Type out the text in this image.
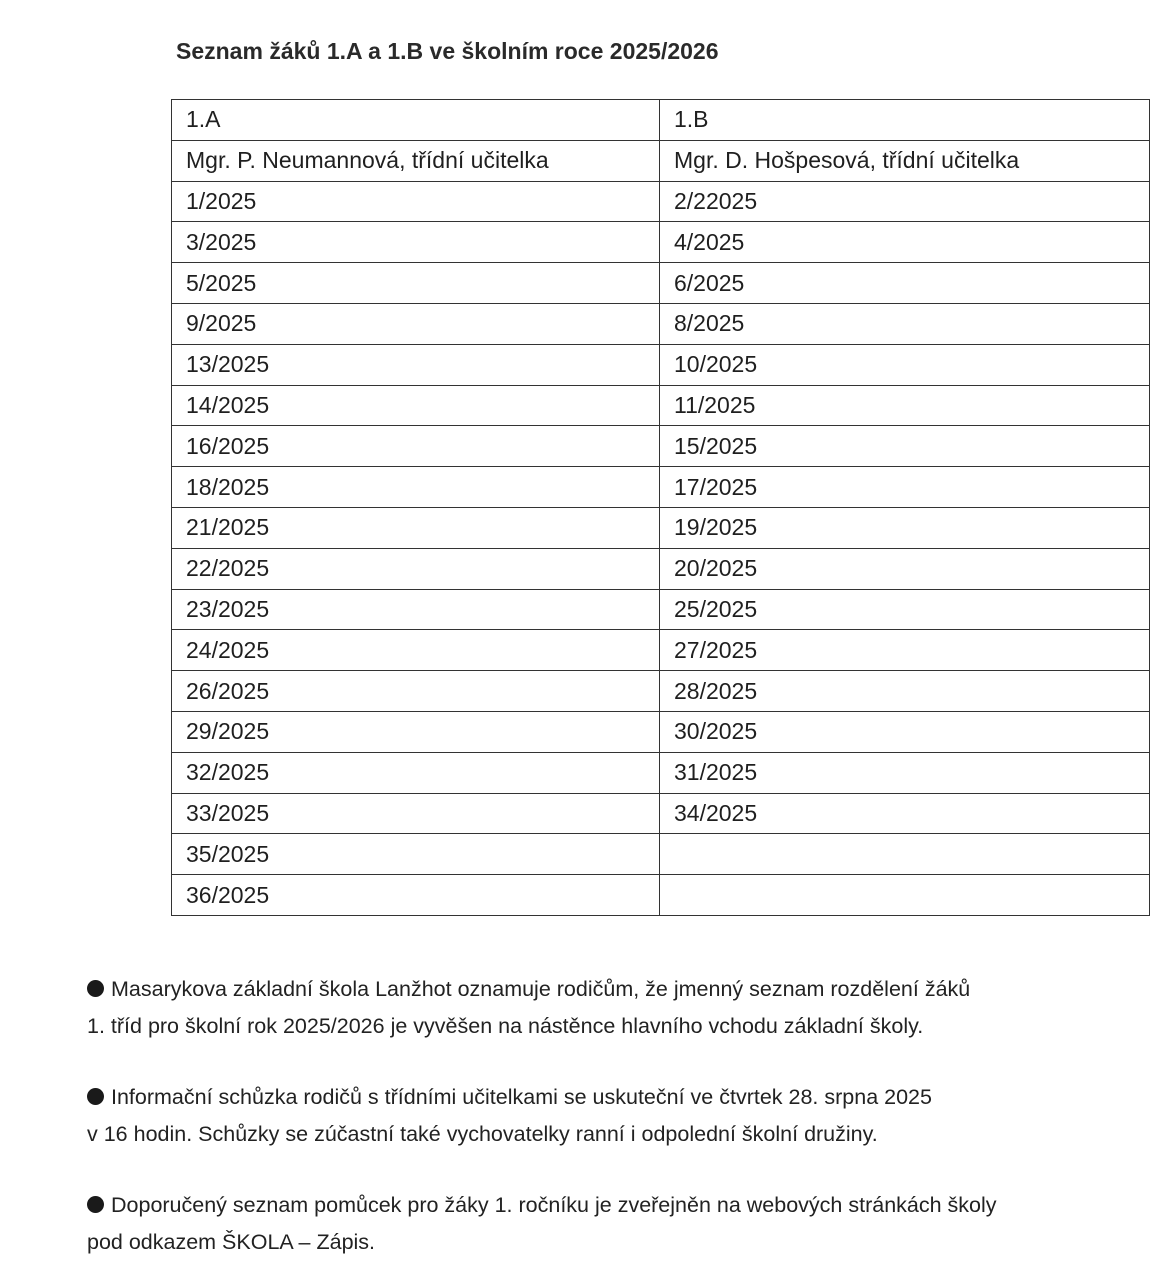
Seznam žáků 1.A a 1.B ve školním roce 2025/2026
1.A	1.B
Mgr. P. Neumannová, třídní učitelka	Mgr. D. Hošpesová, třídní učitelka
1/2025	2/22025
3/2025	4/2025
5/2025	6/2025
9/2025	8/2025
13/2025	10/2025
14/2025	11/2025
16/2025	15/2025
18/2025	17/2025
21/2025	19/2025
22/2025	20/2025
23/2025	25/2025
24/2025	27/2025
26/2025	28/2025
29/2025	30/2025
32/2025	31/2025
33/2025	34/2025
35/2025	
36/2025	
Masarykova základní škola Lanžhot oznamuje rodičům, že jmenný seznam rozdělení žáků
1. tříd pro školní rok 2025/2026 je vyvěšen na nástěnce hlavního vchodu základní školy.
Informační schůzka rodičů s třídními učitelkami se uskuteční ve čtvrtek 28. srpna 2025
v 16 hodin. Schůzky se zúčastní také vychovatelky ranní i odpolední školní družiny.
Doporučený seznam pomůcek pro žáky 1. ročníku je zveřejněn na webových stránkách školy
pod odkazem ŠKOLA – Zápis.
